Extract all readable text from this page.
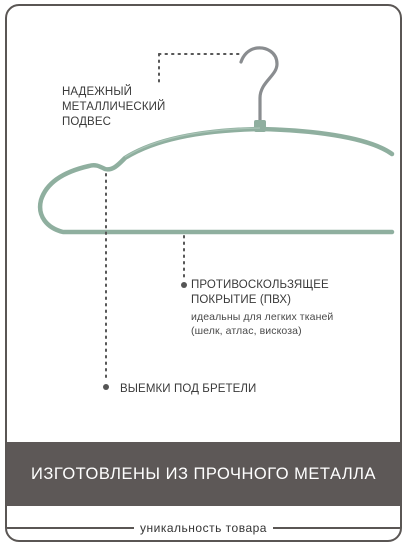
НАДЕЖНЫЙ
МЕТАЛЛИЧЕСКИЙ
ПОДВЕС
ПРОТИВОСКОЛЬЗЯЩЕЕ
ПОКРЫТИЕ (ПВХ)
идеальны для легких тканей
(шелк, атлас, вискоза)
ВЫЕМКИ ПОД БРЕТЕЛИ
ИЗГОТОВЛЕНЫ ИЗ ПРОЧНОГО МЕТАЛЛА
уникальность товара
